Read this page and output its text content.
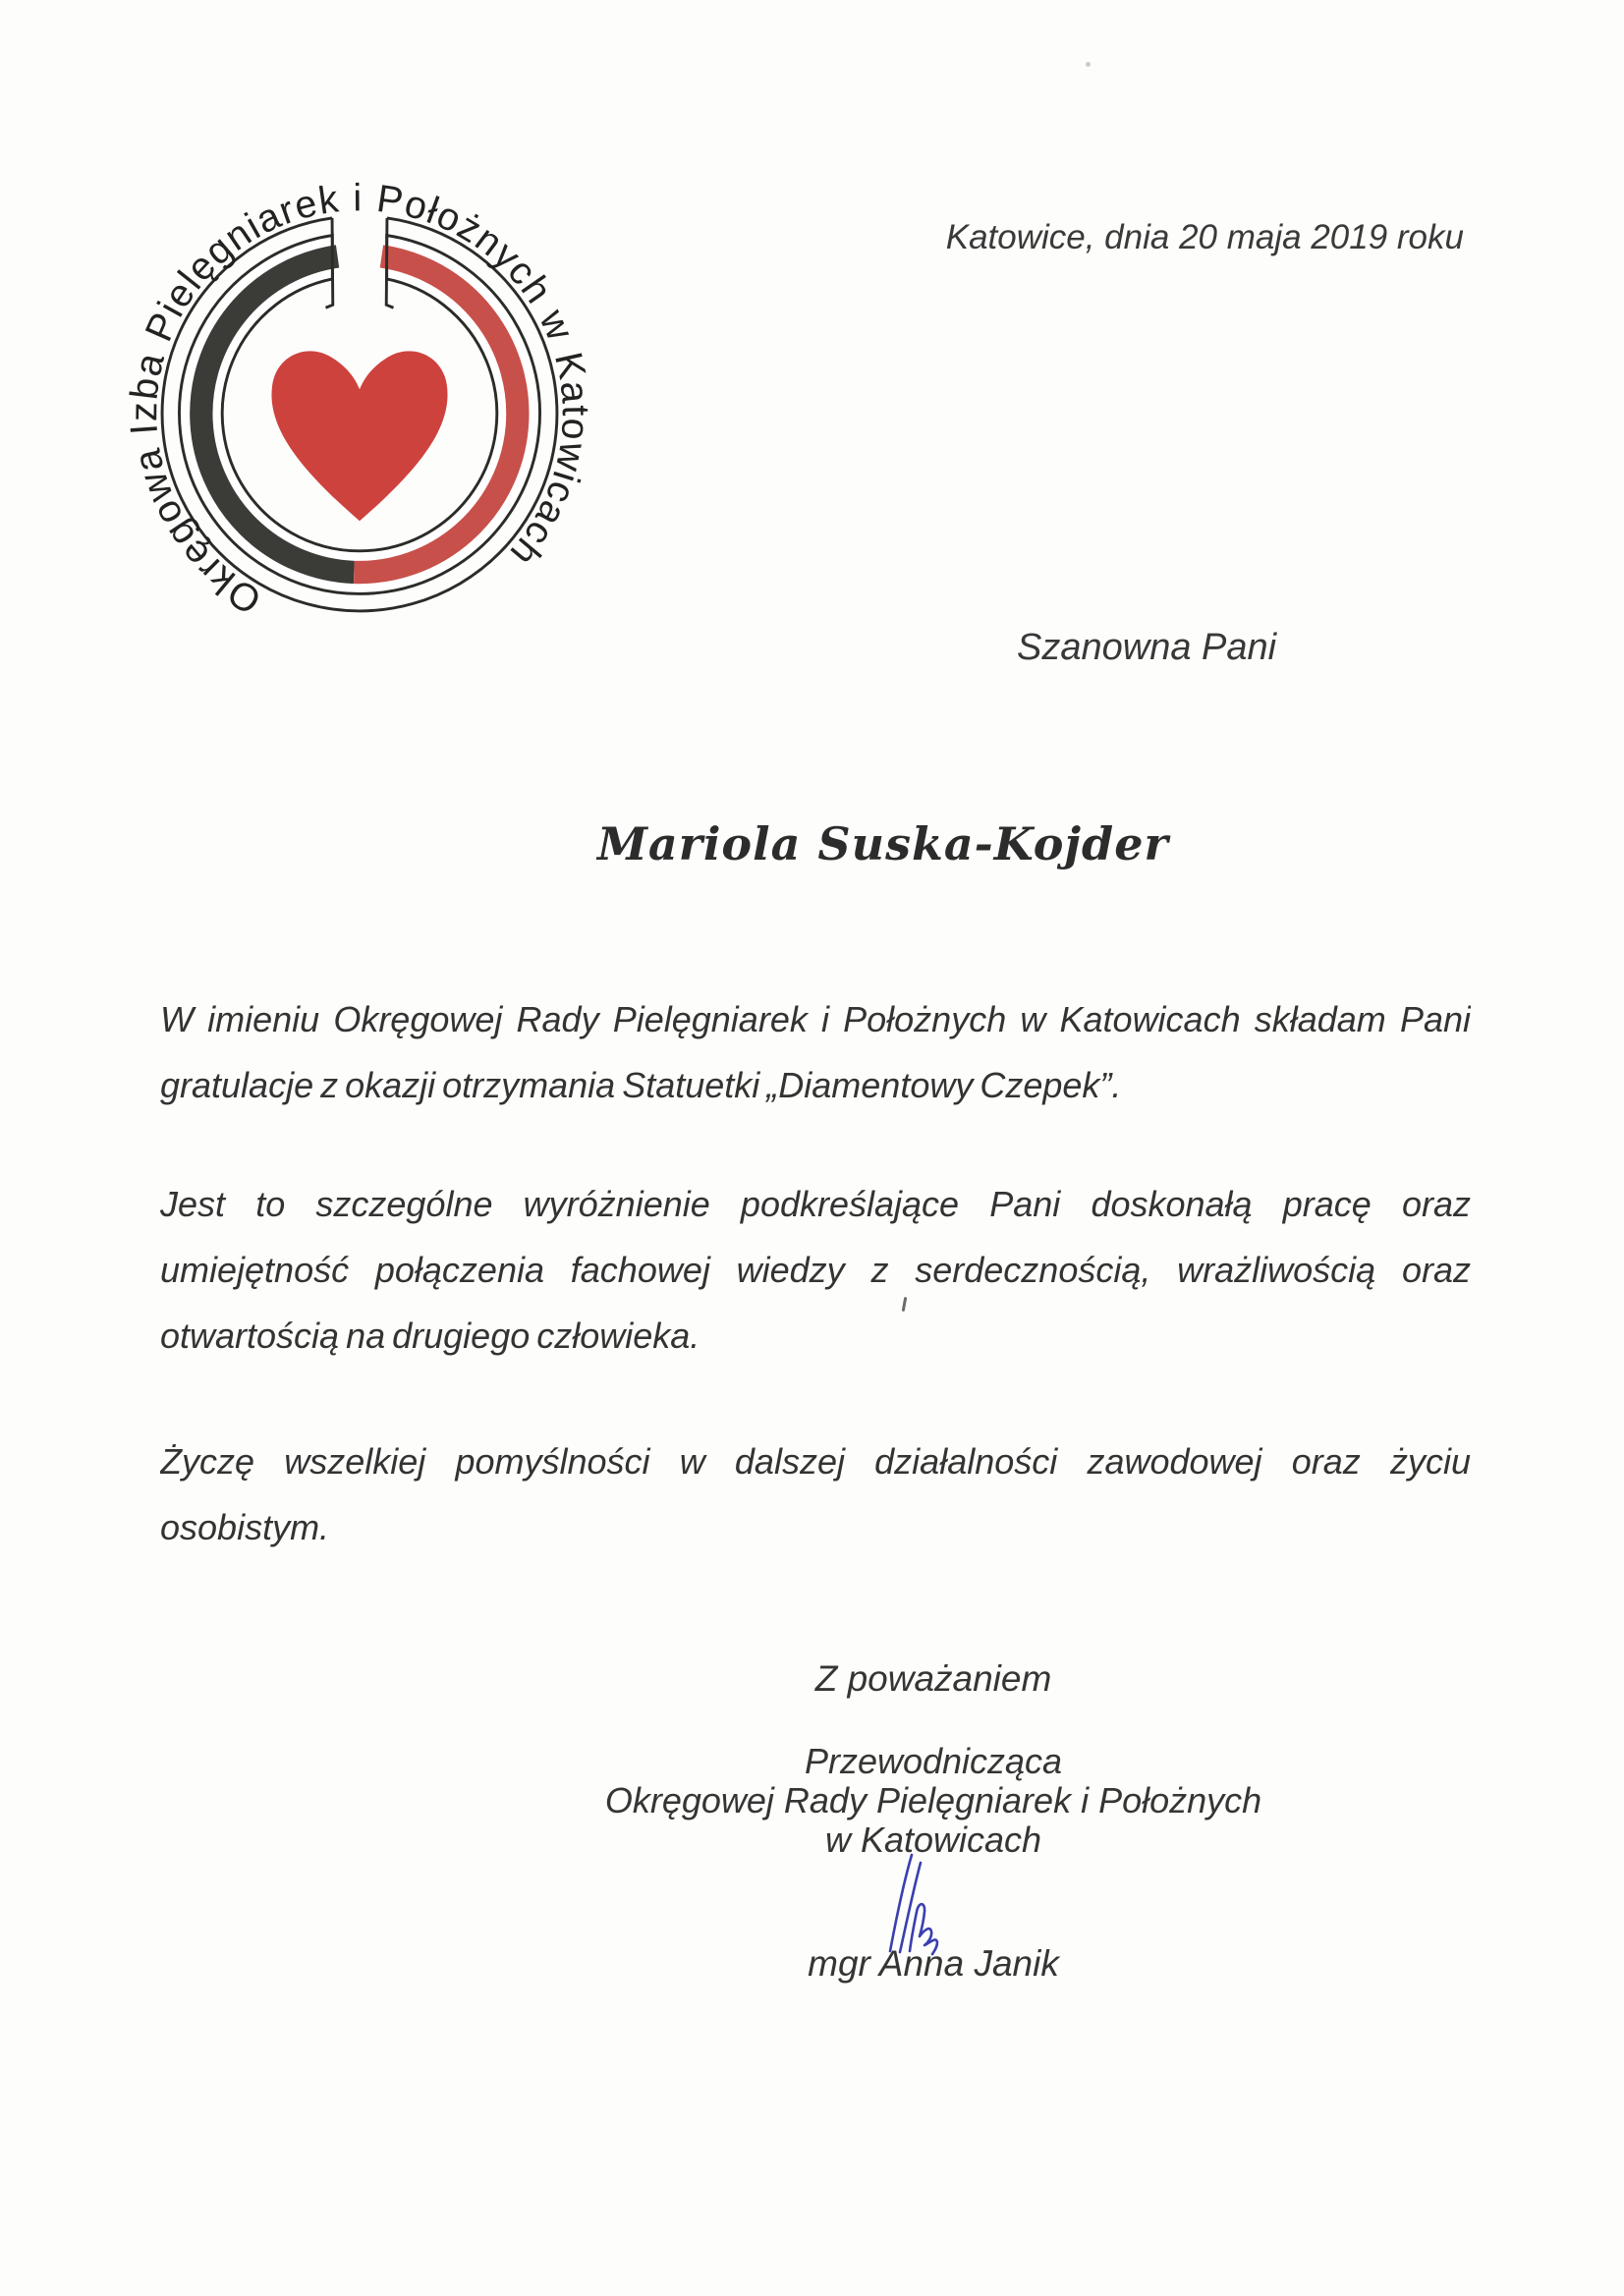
Katowice, dnia 20 maja 2019 roku
Okręgowa Izba Pielęgniarek i Położnych w Katowicach
Szanowna Pani
Mariola Suska-Kojder
W imieniu Okręgowej Rady Pielęgniarek i Położnych w Katowicach składam Pani
gratulacje z okazji otrzymania Statuetki „Diamentowy Czepek”.
Jest to szczególne wyróżnienie podkreślające Pani doskonałą pracę oraz
umiejętność połączenia fachowej wiedzy z serdecznością, wrażliwością oraz
otwartością na drugiego człowieka.
Życzę wszelkiej pomyślności w dalszej działalności zawodowej oraz życiu
osobistym.
Z poważaniem
Przewodnicząca
Okręgowej Rady Pielęgniarek i Położnych
w Katowicach
mgr Anna Janik
